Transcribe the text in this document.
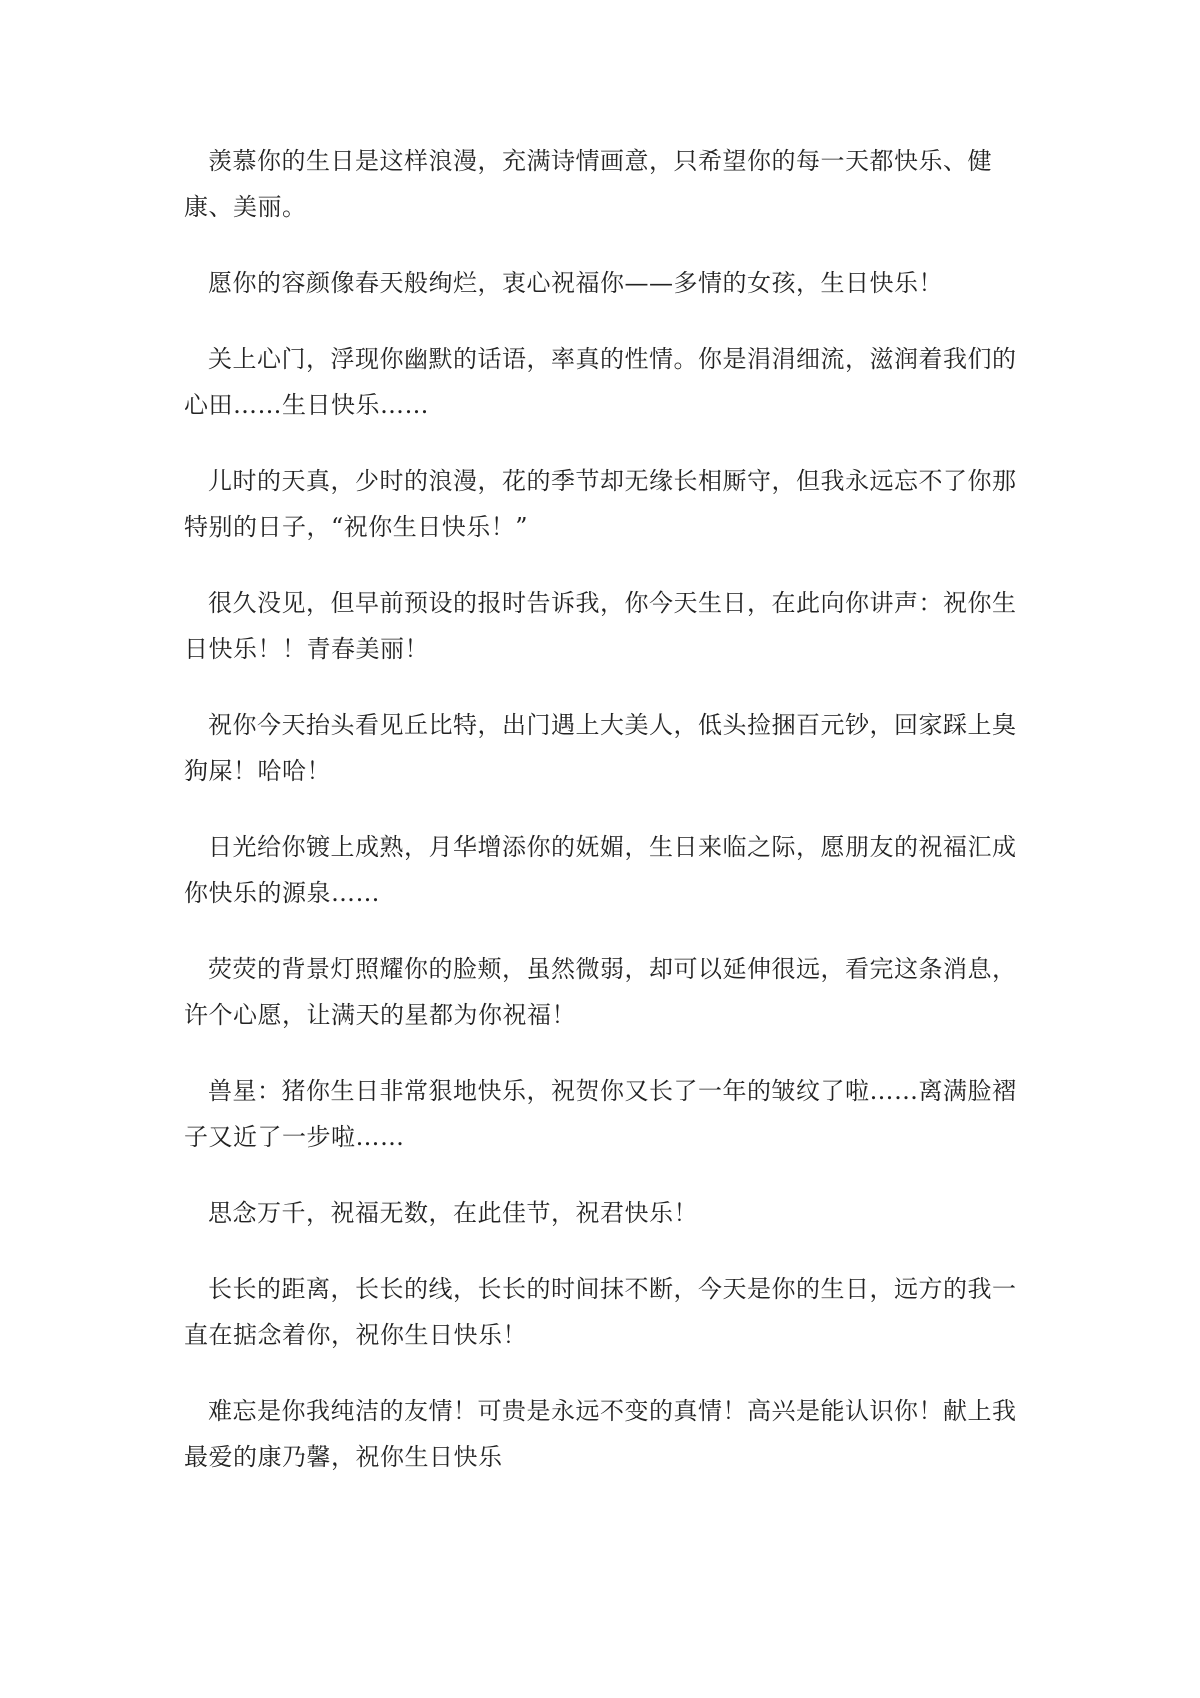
羡慕你的生日是这样浪漫，充满诗情画意，只希望你的每一天都快乐、健康、美丽。

愿你的容颜像春天般绚烂，衷心祝福你——多情的女孩，生日快乐！

关上心门，浮现你幽默的话语，率真的性情。你是涓涓细流，滋润着我们的心田……生日快乐……

儿时的天真，少时的浪漫，花的季节却无缘长相厮守，但我永远忘不了你那特别的日子，“祝你生日快乐！”

很久没见，但早前预设的报时告诉我，你今天生日，在此向你讲声：祝你生日快乐！！青春美丽！

祝你今天抬头看见丘比特，出门遇上大美人，低头捡捆百元钞，回家踩上臭狗屎！哈哈！

日光给你镀上成熟，月华增添你的妩媚，生日来临之际，愿朋友的祝福汇成你快乐的源泉……

荧荧的背景灯照耀你的脸颊，虽然微弱，却可以延伸很远，看完这条消息，许个心愿，让满天的星都为你祝福！

兽星：猪你生日非常狠地快乐，祝贺你又长了一年的皱纹了啦……离满脸褶子又近了一步啦……

思念万千，祝福无数，在此佳节，祝君快乐！

长长的距离，长长的线，长长的时间抹不断，今天是你的生日，远方的我一直在掂念着你，祝你生日快乐！

难忘是你我纯洁的友情！可贵是永远不变的真情！高兴是能认识你！献上我最爱的康乃馨，祝你生日快乐
